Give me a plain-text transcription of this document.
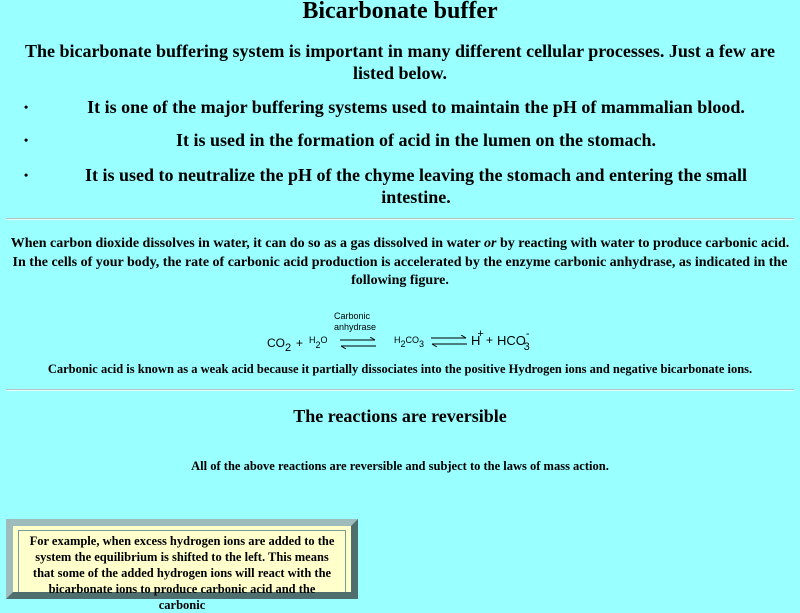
Bicarbonate buffer

The bicarbonate buffering system is important in many different cellular processes. Just a few are listed below.

•	It is one of the major buffering systems used to maintain the pH of mammalian blood.
•	It is used in the formation of acid in the lumen on the stomach.
•	It is used to neutralize the pH of the chyme leaving the stomach and entering the small intestine.

When carbon dioxide dissolves in water, it can do so as a gas dissolved in water or by reacting with water to produce carbonic acid. In the cells of your body, the rate of carbonic acid production is accelerated by the enzyme carbonic anhydrase, as indicated in the following figure.

Carbonic
anhydrase
CO2 + H2O ⇌ H2CO3 ⇌ $H^+ + HCO^-_3$

Carbonic acid is known as a weak acid because it partially dissociates into the positive Hydrogen ions and negative bicarbonate ions.

The reactions are reversible

All of the above reactions are reversible and subject to the laws of mass action.

For example, when excess hydrogen ions are added to the system the equilibrium is shifted to the left. This means that some of the added hydrogen ions will react with the bicarbonate ions to produce carbonic acid and the carbonic
